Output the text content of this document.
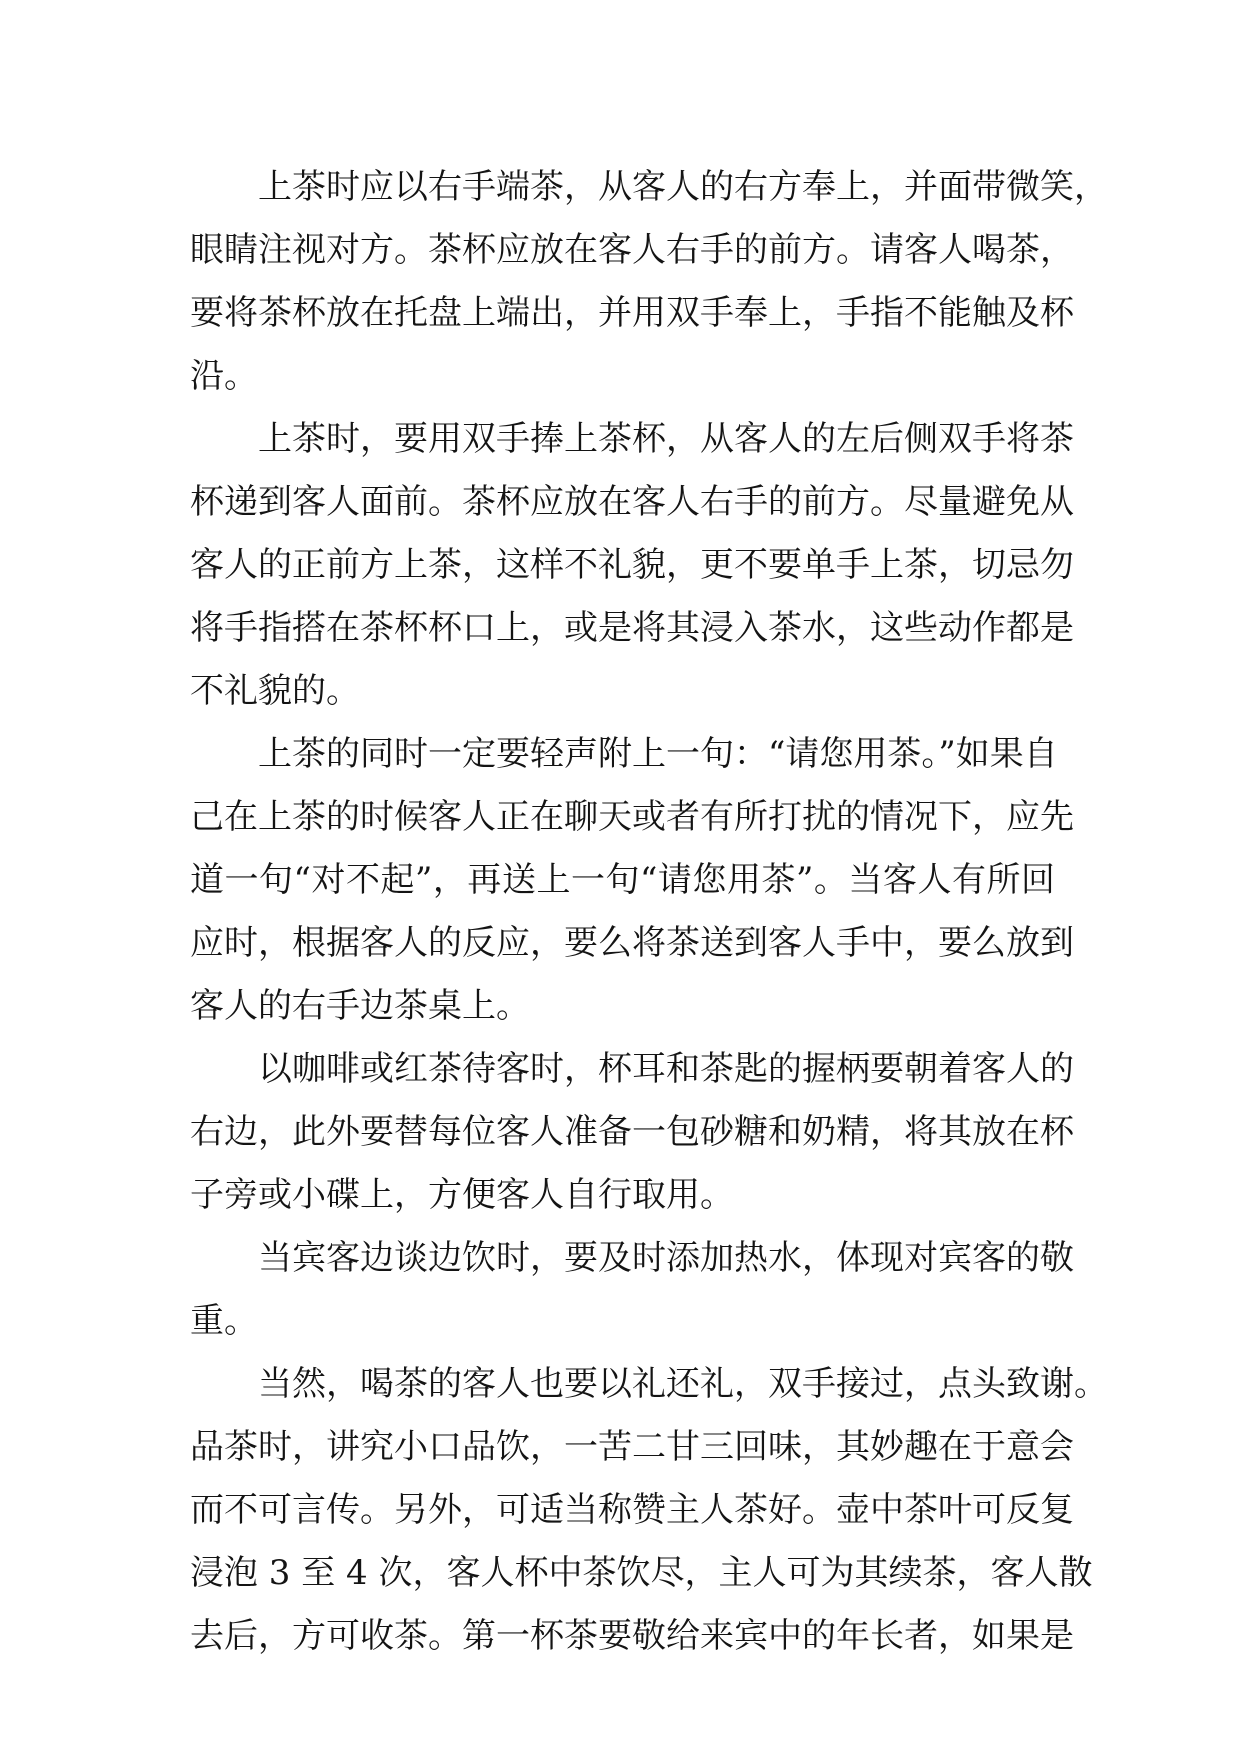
上茶时应以右手端茶，从客人的右方奉上，并面带微笑，
眼睛注视对方。茶杯应放在客人右手的前方。请客人喝茶，
要将茶杯放在托盘上端出，并用双手奉上，手指不能触及杯
沿。

上茶时，要用双手捧上茶杯，从客人的左后侧双手将茶
杯递到客人面前。茶杯应放在客人右手的前方。尽量避免从
客人的正前方上茶，这样不礼貌，更不要单手上茶，切忌勿
将手指搭在茶杯杯口上，或是将其浸入茶水，这些动作都是
不礼貌的。

上茶的同时一定要轻声附上一句：“请您用茶。”如果自
己在上茶的时候客人正在聊天或者有所打扰的情况下，应先
道一句“对不起”，再送上一句“请您用茶”。当客人有所回
应时，根据客人的反应，要么将茶送到客人手中，要么放到
客人的右手边茶桌上。

以咖啡或红茶待客时，杯耳和茶匙的握柄要朝着客人的
右边，此外要替每位客人准备一包砂糖和奶精，将其放在杯
子旁或小碟上，方便客人自行取用。

当宾客边谈边饮时，要及时添加热水，体现对宾客的敬
重。

当然，喝茶的客人也要以礼还礼，双手接过，点头致谢。
品茶时，讲究小口品饮，一苦二甘三回味，其妙趣在于意会
而不可言传。另外，可适当称赞主人茶好。壶中茶叶可反复
浸泡 3 至 4 次，客人杯中茶饮尽，主人可为其续茶，客人散
去后，方可收茶。第一杯茶要敬给来宾中的年长者，如果是
